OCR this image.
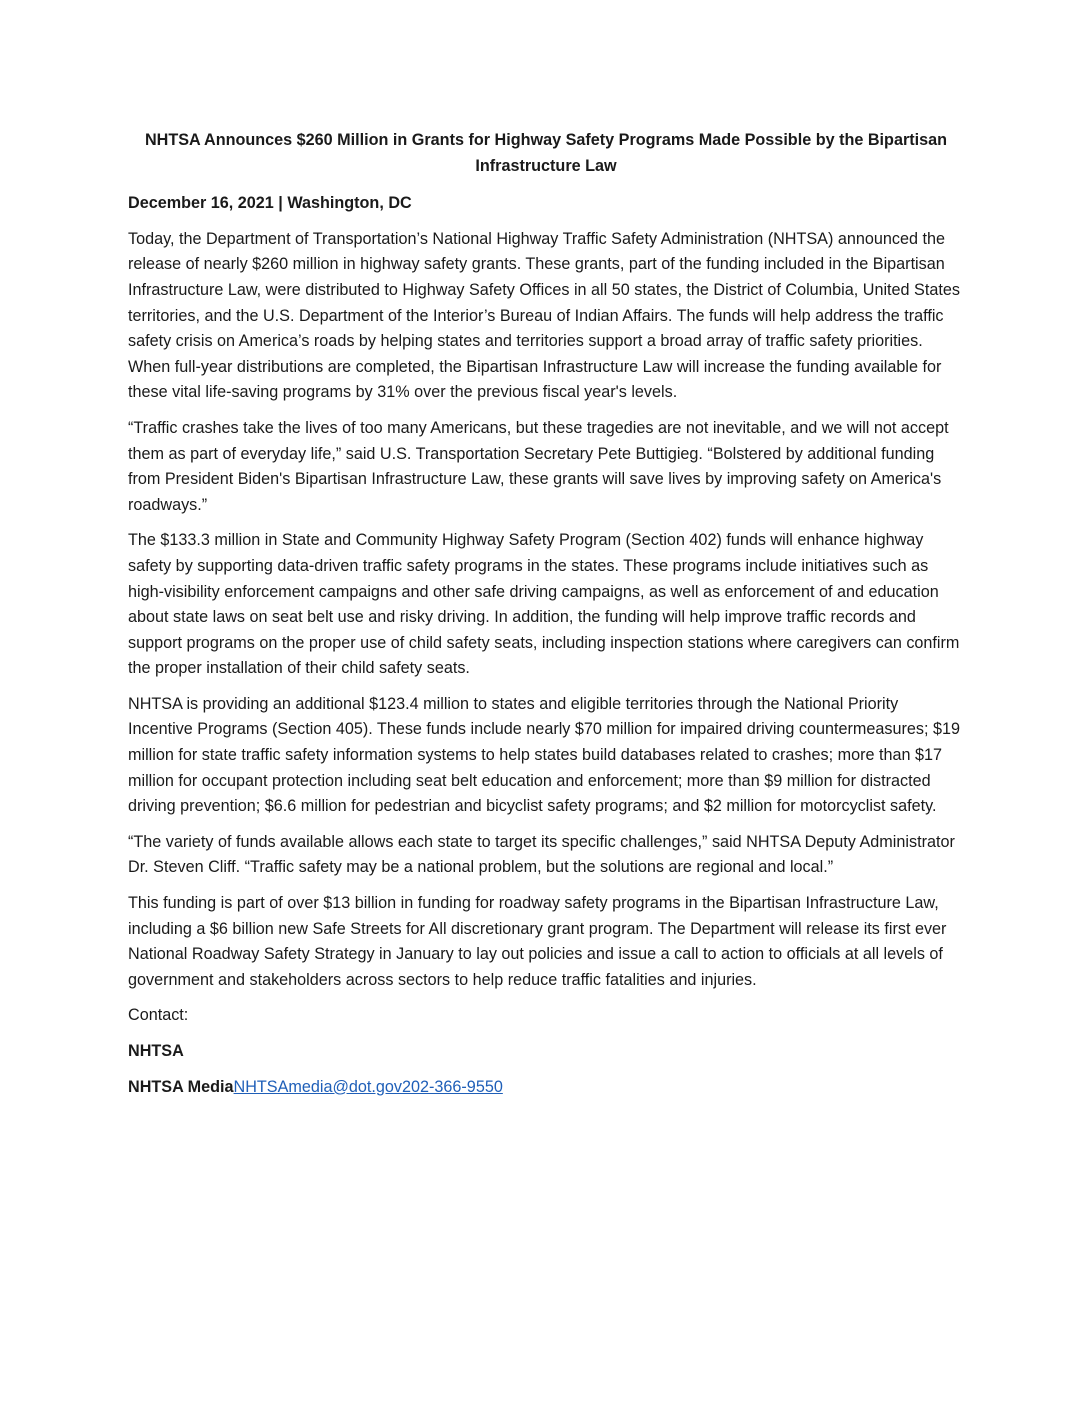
NHTSA Announces $260 Million in Grants for Highway Safety Programs Made Possible by the Bipartisan Infrastructure Law
December 16, 2021 | Washington, DC
Today, the Department of Transportation’s National Highway Traffic Safety Administration (NHTSA) announced the release of nearly $260 million in highway safety grants. These grants, part of the funding included in the Bipartisan Infrastructure Law, were distributed to Highway Safety Offices in all 50 states, the District of Columbia, United States territories, and the U.S. Department of the Interior’s Bureau of Indian Affairs. The funds will help address the traffic safety crisis on America’s roads by helping states and territories support a broad array of traffic safety priorities. When full-year distributions are completed, the Bipartisan Infrastructure Law will increase the funding available for these vital life-saving programs by 31% over the previous fiscal year's levels.
“Traffic crashes take the lives of too many Americans, but these tragedies are not inevitable, and we will not accept them as part of everyday life,” said U.S. Transportation Secretary Pete Buttigieg. “Bolstered by additional funding from President Biden's Bipartisan Infrastructure Law, these grants will save lives by improving safety on America's roadways.”
The $133.3 million in State and Community Highway Safety Program (Section 402) funds will enhance highway safety by supporting data-driven traffic safety programs in the states. These programs include initiatives such as high-visibility enforcement campaigns and other safe driving campaigns, as well as enforcement of and education about state laws on seat belt use and risky driving. In addition, the funding will help improve traffic records and support programs on the proper use of child safety seats, including inspection stations where caregivers can confirm the proper installation of their child safety seats.
NHTSA is providing an additional $123.4 million to states and eligible territories through the National Priority Incentive Programs (Section 405). These funds include nearly $70 million for impaired driving countermeasures; $19 million for state traffic safety information systems to help states build databases related to crashes; more than $17 million for occupant protection including seat belt education and enforcement; more than $9 million for distracted driving prevention; $6.6 million for pedestrian and bicyclist safety programs; and $2 million for motorcyclist safety.
“The variety of funds available allows each state to target its specific challenges,” said NHTSA Deputy Administrator Dr. Steven Cliff. “Traffic safety may be a national problem, but the solutions are regional and local.”
This funding is part of over $13 billion in funding for roadway safety programs in the Bipartisan Infrastructure Law, including a $6 billion new Safe Streets for All discretionary grant program. The Department will release its first ever National Roadway Safety Strategy in January to lay out policies and issue a call to action to officials at all levels of government and stakeholders across sectors to help reduce traffic fatalities and injuries.
Contact:
NHTSA
NHTSA MediaNHTSAmedia@dot.gov202-366-9550
